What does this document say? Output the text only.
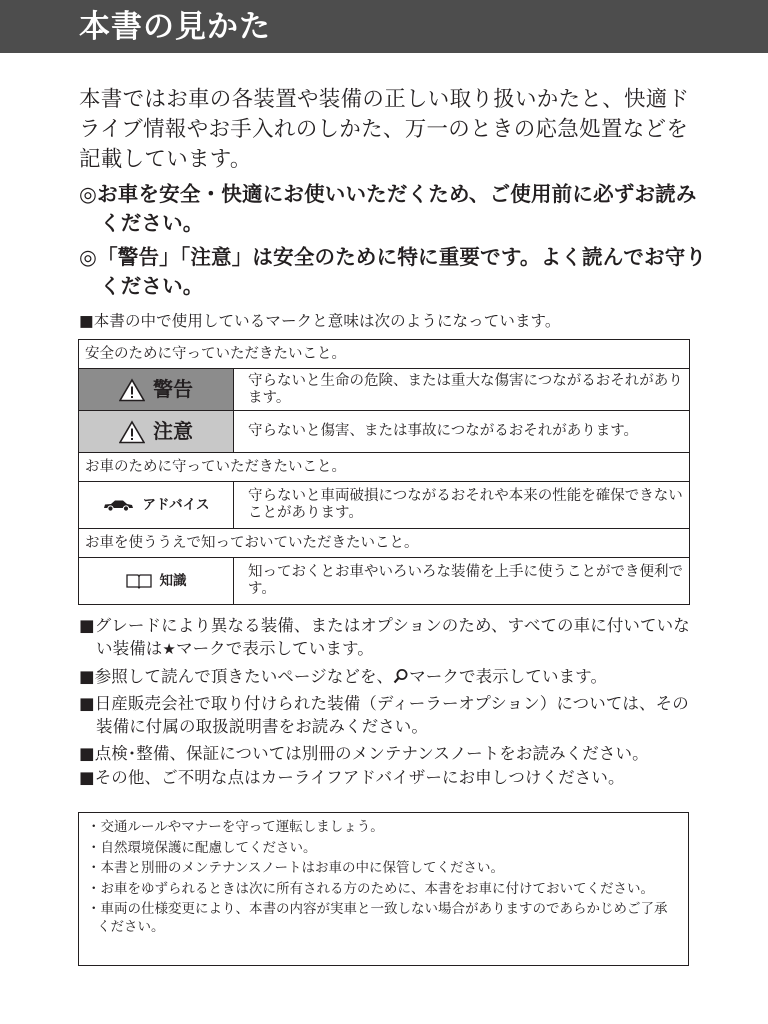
本書の見かた

本書ではお車の各装置や装備の正しい取り扱いかたと、快適ドライブ情報やお手入れのしかた、万一のときの応急処置などを記載しています。

◎お車を安全・快適にお使いいただくため、ご使用前に必ずお読みください。

◎「警告」「注意」は安全のために特に重要です。よく読んでお守りください。

■本書の中で使用しているマークと意味は次のようになっています。

安全のために守っていただきたいこと。	

警告	守らないと生命の危険、または重大な傷害につながるおそれがあります。

注意	守らないと傷害、または事故につながるおそれがあります。
お車のために守っていただきたいこと。	

アドバイス	守らないと車両破損につながるおそれや本来の性能を確保できないことがあります。
お車を使ううえで知っておいていただきたいこと。	

知識	知っておくとお車やいろいろな装備を上手に使うことができ便利です。

■グレードにより異なる装備、またはオプションのため、すべての車に付いていない装備は★マークで表示しています。

■参照して読んで頂きたいページなどを、 マークで表示しています。

■日産販売会社で取り付けられた装備（ディーラーオプション）については、その装備に付属の取扱説明書をお読みください。

■点検･整備、保証については別冊のメンテナンスノートをお読みください。

■その他、ご不明な点はカーライフアドバイザーにお申しつけください。

・交通ルールやマナーを守って運転しましょう。
・自然環境保護に配慮してください。
・本書と別冊のメンテナンスノートはお車の中に保管してください。
・お車をゆずられるときは次に所有される方のために、本書をお車に付けておいてください。
・車両の仕様変更により、本書の内容が実車と一致しない場合がありますのであらかじめご了承ください。
